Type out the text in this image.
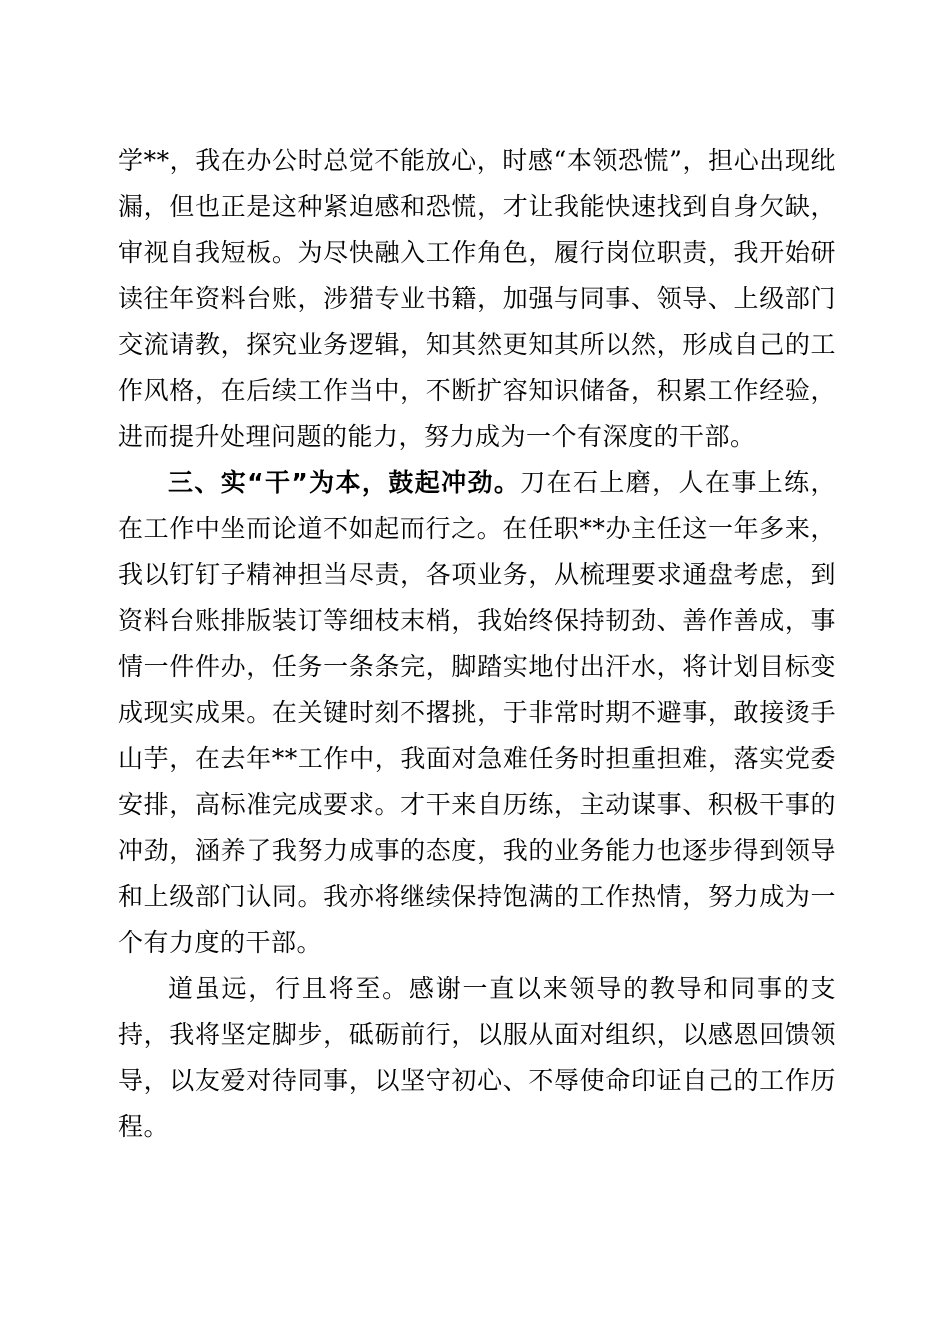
学**，我在办公时总觉不能放心，时感“本领恐慌”，担心出现纰漏，但也正是这种紧迫感和恐慌，才让我能快速找到自身欠缺，审视自我短板。为尽快融入工作角色，履行岗位职责，我开始研读往年资料台账，涉猎专业书籍，加强与同事、领导、上级部门交流请教，探究业务逻辑，知其然更知其所以然，形成自己的工作风格，在后续工作当中，不断扩容知识储备，积累工作经验，进而提升处理问题的能力，努力成为一个有深度的干部。

三、实“干”为本，鼓起冲劲。刀在石上磨，人在事上练，在工作中坐而论道不如起而行之。在任职**办主任这一年多来，我以钉钉子精神担当尽责，各项业务，从梳理要求通盘考虑，到资料台账排版装订等细枝末梢，我始终保持韧劲、善作善成，事情一件件办，任务一条条完，脚踏实地付出汗水，将计划目标变成现实成果。在关键时刻不撂挑，于非常时期不避事，敢接烫手山芋，在去年**工作中，我面对急难任务时担重担难，落实党委安排，高标准完成要求。才干来自历练，主动谋事、积极干事的冲劲，涵养了我努力成事的态度，我的业务能力也逐步得到领导和上级部门认同。我亦将继续保持饱满的工作热情，努力成为一个有力度的干部。

道虽远，行且将至。感谢一直以来领导的教导和同事的支持，我将坚定脚步，砥砺前行，以服从面对组织，以感恩回馈领导，以友爱对待同事，以坚守初心、不辱使命印证自己的工作历程。
